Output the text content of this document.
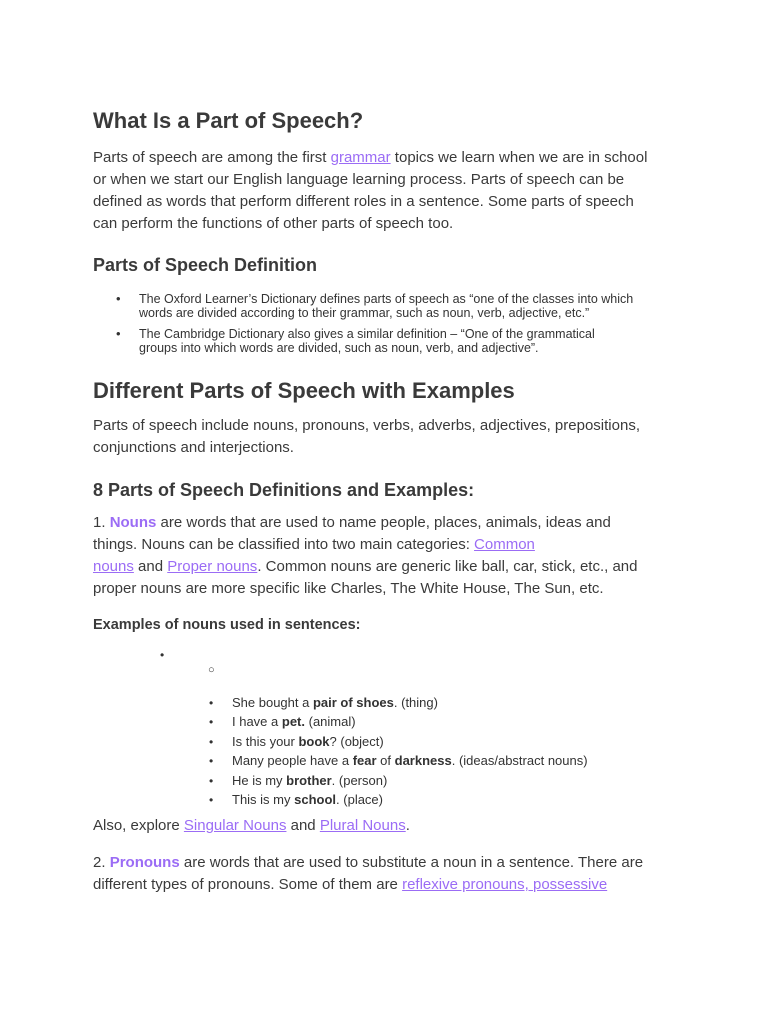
What Is a Part of Speech?
Parts of speech are among the first grammar topics we learn when we are in school
or when we start our English language learning process. Parts of speech can be
defined as words that perform different roles in a sentence. Some parts of speech
can perform the functions of other parts of speech too.
Parts of Speech Definition
• The Oxford Learner’s Dictionary defines parts of speech as “one of the classes into which
words are divided according to their grammar, such as noun, verb, adjective, etc.”
• The Cambridge Dictionary also gives a similar definition – “One of the grammatical
groups into which words are divided, such as noun, verb, and adjective”.
Different Parts of Speech with Examples
Parts of speech include nouns, pronouns, verbs, adverbs, adjectives, prepositions,
conjunctions and interjections.
8 Parts of Speech Definitions and Examples:
1. Nouns are words that are used to name people, places, animals, ideas and
things. Nouns can be classified into two main categories: Common
nouns and Proper nouns. Common nouns are generic like ball, car, stick, etc., and
proper nouns are more specific like Charles, The White House, The Sun, etc.
Examples of nouns used in sentences:
•
○
• She bought a pair of shoes. (thing)
• I have a pet. (animal)
• Is this your book? (object)
• Many people have a fear of darkness. (ideas/abstract nouns)
• He is my brother. (person)
• This is my school. (place)
Also, explore Singular Nouns and Plural Nouns.
2. Pronouns are words that are used to substitute a noun in a sentence. There are
different types of pronouns. Some of them are reflexive pronouns, possessive
